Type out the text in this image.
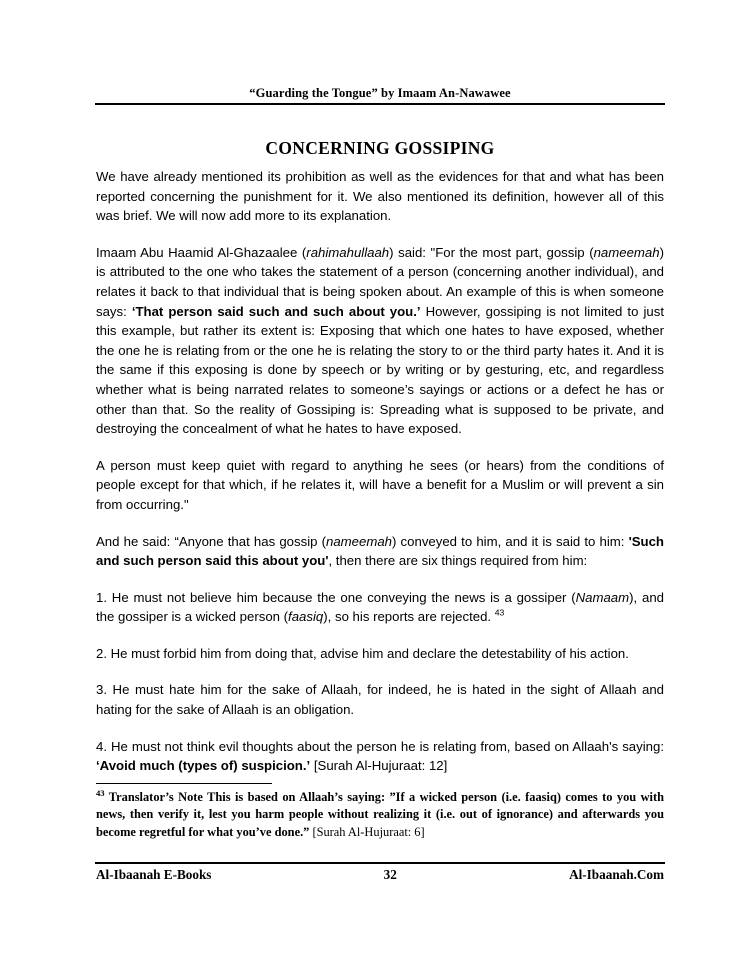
“Guarding the Tongue” by Imaam An-Nawawee
CONCERNING GOSSIPING

We have already mentioned its prohibition as well as the evidences for that and what has been reported concerning the punishment for it. We also mentioned its definition, however all of this was brief. We will now add more to its explanation.

Imaam Abu Haamid Al-Ghazaalee (rahimahullaah) said: "For the most part, gossip (nameemah) is attributed to the one who takes the statement of a person (concerning another individual), and relates it back to that individual that is being spoken about. An example of this is when someone says: ‘That person said such and such about you.’ However, gossiping is not limited to just this example, but rather its extent is: Exposing that which one hates to have exposed, whether the one he is relating from or the one he is relating the story to or the third party hates it. And it is the same if this exposing is done by speech or by writing or by gesturing, etc, and regardless whether what is being narrated relates to someone’s sayings or actions or a defect he has or other than that. So the reality of Gossiping is: Spreading what is supposed to be private, and destroying the concealment of what he hates to have exposed.

A person must keep quiet with regard to anything he sees (or hears) from the conditions of people except for that which, if he relates it, will have a benefit for a Muslim or will prevent a sin from occurring."

And he said: “Anyone that has gossip (nameemah) conveyed to him, and it is said to him: 'Such and such person said this about you', then there are six things required from him:

1. He must not believe him because the one conveying the news is a gossiper (Namaam), and the gossiper is a wicked person (faasiq), so his reports are rejected. $^{43}$

2. He must forbid him from doing that, advise him and declare the detestability of his action.

3. He must hate him for the sake of Allaah, for indeed, he is hated in the sight of Allaah and hating for the sake of Allaah is an obligation.

4. He must not think evil thoughts about the person he is relating from, based on Allaah's saying: ‘Avoid much (types of) suspicion.’ [Surah Al-Hujuraat: 12]

$^{43}$ Translator’s Note This is based on Allaah’s saying: ”If a wicked person (i.e. faasiq) comes to you with news, then verify it, lest you harm people without realizing it (i.e. out of ignorance) and afterwards you become regretful for what you’ve done.” [Surah Al-Hujuraat: 6]
Al-Ibaanah E-Books	32	Al-Ibaanah.Com
